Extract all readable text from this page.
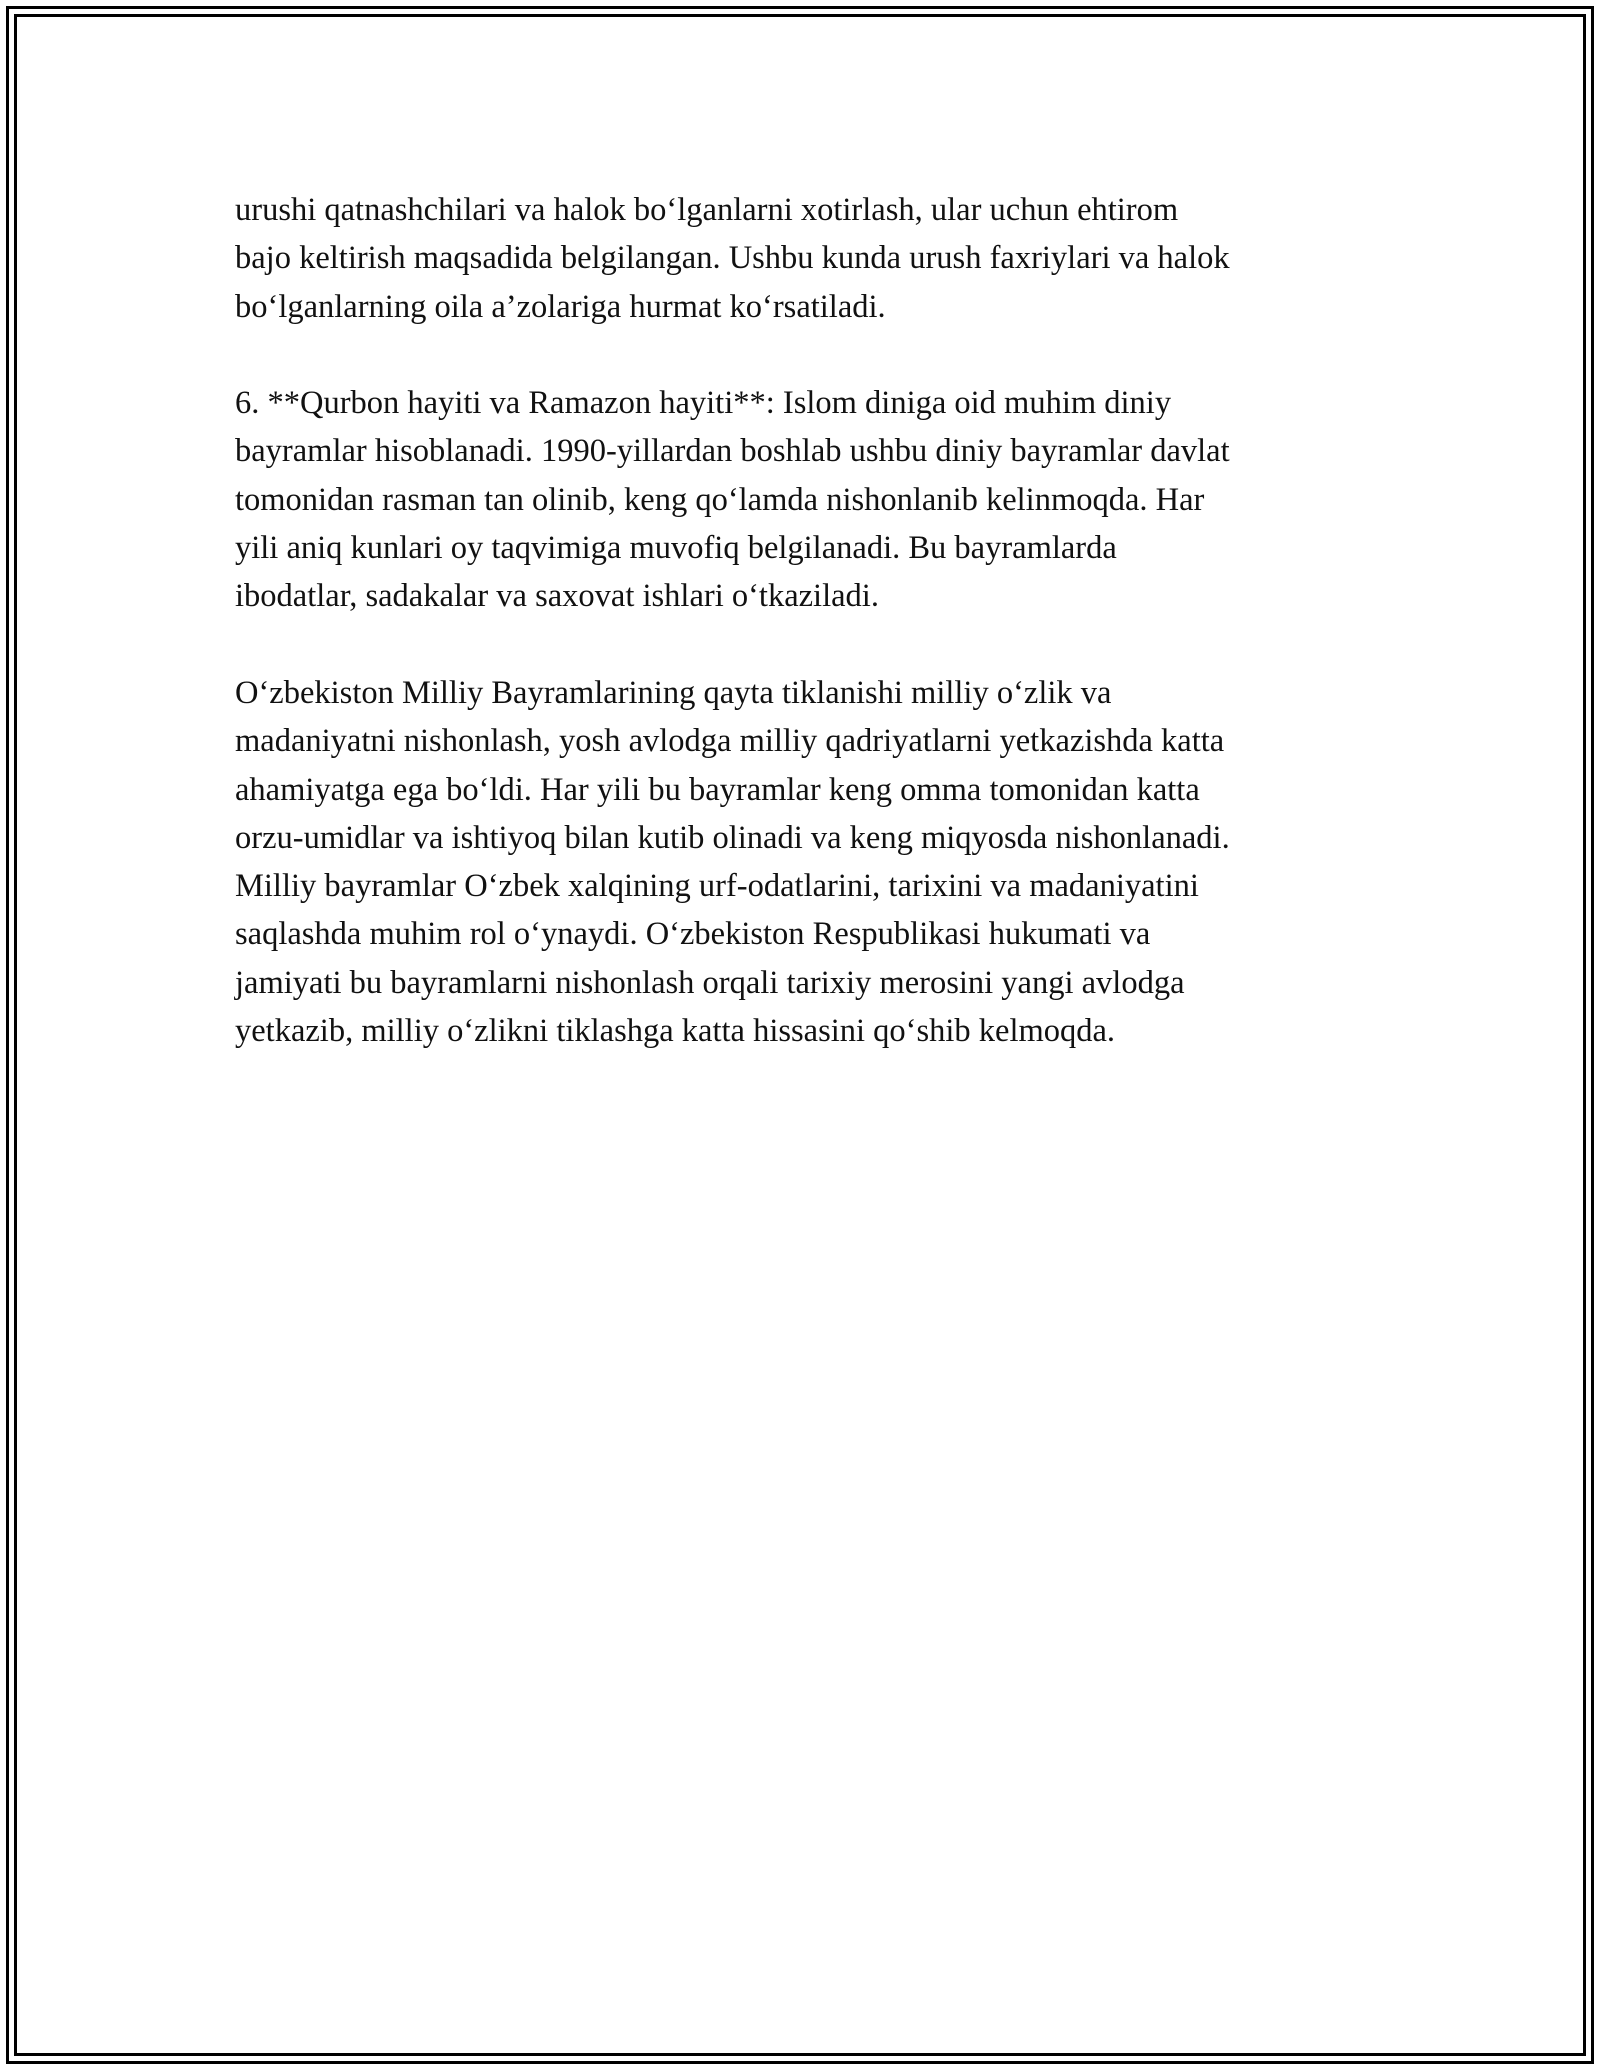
urushi qatnashchilari va halok bo‘lganlarni xotirlash, ular uchun ehtirom
bajo keltirish maqsadida belgilangan. Ushbu kunda urush faxriylari va halok
bo‘lganlarning oila a’zolariga hurmat ko‘rsatiladi.

6. **Qurbon hayiti va Ramazon hayiti**: Islom diniga oid muhim diniy
bayramlar hisoblanadi. 1990-yillardan boshlab ushbu diniy bayramlar davlat
tomonidan rasman tan olinib, keng qo‘lamda nishonlanib kelinmoqda. Har
yili aniq kunlari oy taqvimiga muvofiq belgilanadi. Bu bayramlarda
ibodatlar, sadakalar va saxovat ishlari o‘tkaziladi.

O‘zbekiston Milliy Bayramlarining qayta tiklanishi milliy o‘zlik va
madaniyatni nishonlash, yosh avlodga milliy qadriyatlarni yetkazishda katta
ahamiyatga ega bo‘ldi. Har yili bu bayramlar keng omma tomonidan katta
orzu-umidlar va ishtiyoq bilan kutib olinadi va keng miqyosda nishonlanadi.
Milliy bayramlar O‘zbek xalqining urf-odatlarini, tarixini va madaniyatini
saqlashda muhim rol o‘ynaydi. O‘zbekiston Respublikasi hukumati va
jamiyati bu bayramlarni nishonlash orqali tarixiy merosini yangi avlodga
yetkazib, milliy o‘zlikni tiklashga katta hissasini qo‘shib kelmoqda.
